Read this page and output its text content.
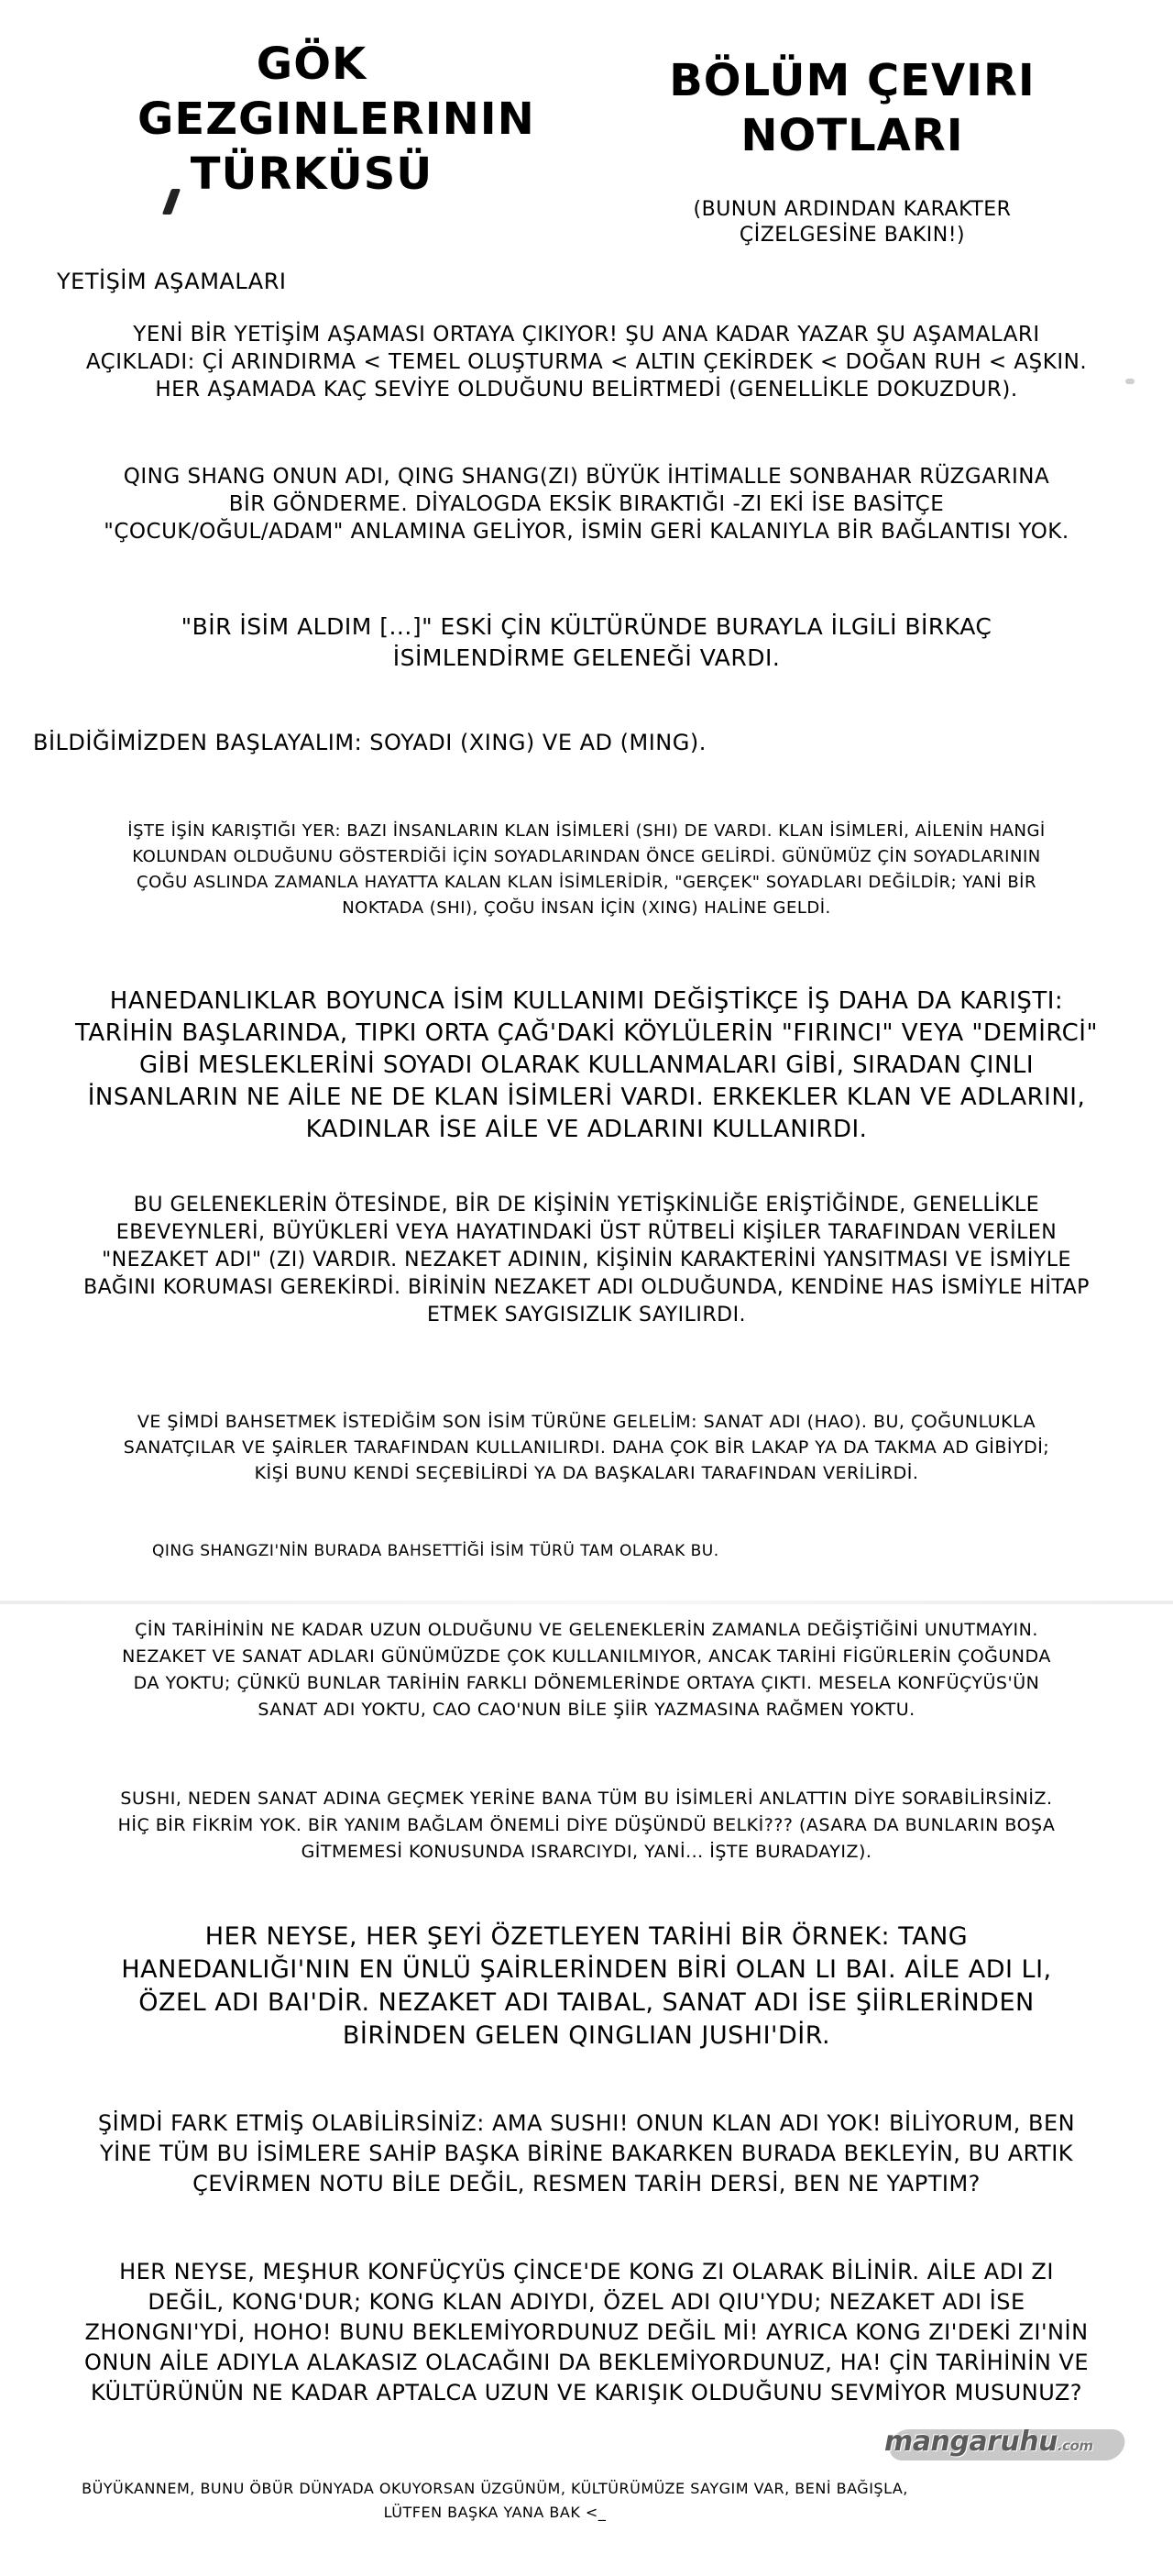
GÖK
GEZGINLERININ
TÜRKÜSÜ
BÖLÜM ÇEVIRI
NOTLARI
(BUNUN ARDINDAN KARAKTER
ÇİZELGESİNE BAKIN!)
YETİŞİM AŞAMALARI
YENİ BİR YETİŞİM AŞAMASI ORTAYA ÇIKIYOR! ŞU ANA KADAR YAZAR ŞU AŞAMALARI
AÇIKLADI: Çİ ARINDIRMA < TEMEL OLUŞTURMA < ALTIN ÇEKİRDEK < DOĞAN RUH < AŞKIN.
HER AŞAMADA KAÇ SEVİYE OLDUĞUNU BELİRTMEDİ (GENELLİKLE DOKUZDUR).
QING SHANG ONUN ADI, QING SHANG(ZI) BÜYÜK İHTİMALLE SONBAHAR RÜZGARINA
BİR GÖNDERME. DİYALOGDA EKSİK BIRAKTIĞI -ZI EKİ İSE BASİTÇE
"ÇOCUK/OĞUL/ADAM" ANLAMINA GELİYOR, İSMİN GERİ KALANIYLA BİR BAĞLANTISI YOK.
"BİR İSİM ALDIM [...]" ESKİ ÇİN KÜLTÜRÜNDE BURAYLA İLGİLİ BİRKAÇ
İSİMLENDİRME GELENEĞİ VARDI.
BİLDİĞİMİZDEN BAŞLAYALIM: SOYADI (XING) VE AD (MING).
İŞTE İŞİN KARIŞTIĞI YER: BAZI İNSANLARIN KLAN İSİMLERİ (SHI) DE VARDI. KLAN İSİMLERİ, AİLENİN HANGİ
KOLUNDAN OLDUĞUNU GÖSTERDİĞİ İÇİN SOYADLARINDAN ÖNCE GELİRDİ. GÜNÜMÜZ ÇİN SOYADLARININ
ÇOĞU ASLINDA ZAMANLA HAYATTA KALAN KLAN İSİMLERİDİR, "GERÇEK" SOYADLARI DEĞİLDİR; YANİ BİR
NOKTADA (SHI), ÇOĞU İNSAN İÇİN (XING) HALİNE GELDİ.
HANEDANLIKLAR BOYUNCA İSİM KULLANIMI DEĞİŞTİKÇE İŞ DAHA DA KARIŞTI:
TARİHİN BAŞLARINDA, TIPKI ORTA ÇAĞ'DAKİ KÖYLÜLERİN "FIRINCI" VEYA "DEMİRCİ"
GİBİ MESLEKLERİNİ SOYADI OLARAK KULLANMALARI GİBİ, SIRADAN ÇINLI
İNSANLARIN NE AİLE NE DE KLAN İSİMLERİ VARDI. ERKEKLER KLAN VE ADLARINI,
KADINLAR İSE AİLE VE ADLARINI KULLANIRDI.
BU GELENEKLERİN ÖTESİNDE, BİR DE KİŞİNİN YETİŞKİNLİĞE ERİŞTİĞİNDE, GENELLİKLE
EBEVEYNLERİ, BÜYÜKLERİ VEYA HAYATINDAKİ ÜST RÜTBELİ KİŞİLER TARAFINDAN VERİLEN
"NEZAKET ADI" (ZI) VARDIR. NEZAKET ADININ, KİŞİNİN KARAKTERİNİ YANSITMASI VE İSMİYLE
BAĞINI KORUMASI GEREKİRDİ. BİRİNİN NEZAKET ADI OLDUĞUNDA, KENDİNE HAS İSMİYLE HİTAP
ETMEK SAYGISIZLIK SAYILIRDI.
VE ŞİMDİ BAHSETMEK İSTEDİĞİM SON İSİM TÜRÜNE GELELİM: SANAT ADI (HAO). BU, ÇOĞUNLUKLA
SANATÇILAR VE ŞAİRLER TARAFINDAN KULLANILIRDI. DAHA ÇOK BİR LAKAP YA DA TAKMA AD GİBİYDİ;
KİŞİ BUNU KENDİ SEÇEBİLİRDİ YA DA BAŞKALARI TARAFINDAN VERİLİRDİ.
QING SHANGZI'NİN BURADA BAHSETTİĞİ İSİM TÜRÜ TAM OLARAK BU.
ÇİN TARİHİNİN NE KADAR UZUN OLDUĞUNU VE GELENEKLERİN ZAMANLA DEĞİŞTİĞİNİ UNUTMAYIN.
NEZAKET VE SANAT ADLARI GÜNÜMÜZDE ÇOK KULLANILMIYOR, ANCAK TARİHİ FİGÜRLERİN ÇOĞUNDA
DA YOKTU; ÇÜNKÜ BUNLAR TARİHİN FARKLI DÖNEMLERİNDE ORTAYA ÇIKTI. MESELA KONFÜÇYÜS'ÜN
SANAT ADI YOKTU, CAO CAO'NUN BİLE ŞİİR YAZMASINA RAĞMEN YOKTU.
SUSHI, NEDEN SANAT ADINA GEÇMEK YERİNE BANA TÜM BU İSİMLERİ ANLATTIN DİYE SORABİLİRSİNİZ.
HİÇ BİR FİKRİM YOK. BİR YANIM BAĞLAM ÖNEMLİ DİYE DÜŞÜNDÜ BELKİ??? (ASARA DA BUNLARIN BOŞA
GİTMEMESİ KONUSUNDA ISRARCIYDI, YANİ... İŞTE BURADAYIZ).
HER NEYSE, HER ŞEYİ ÖZETLEYEN TARİHİ BİR ÖRNEK: TANG
HANEDANLIĞI'NIN EN ÜNLÜ ŞAİRLERİNDEN BİRİ OLAN LI BAI. AİLE ADI LI,
ÖZEL ADI BAI'DİR. NEZAKET ADI TAIBAL, SANAT ADI İSE ŞİİRLERİNDEN
BİRİNDEN GELEN QINGLIAN JUSHI'DİR.
ŞİMDİ FARK ETMİŞ OLABİLİRSİNİZ: AMA SUSHI! ONUN KLAN ADI YOK! BİLİYORUM, BEN
YİNE TÜM BU İSİMLERE SAHİP BAŞKA BİRİNE BAKARKEN BURADA BEKLEYİN, BU ARTIK
ÇEVİRMEN NOTU BİLE DEĞİL, RESMEN TARİH DERSİ, BEN NE YAPTIM?
HER NEYSE, MEŞHUR KONFÜÇYÜS ÇİNCE'DE KONG ZI OLARAK BİLİNİR. AİLE ADI ZI
DEĞİL, KONG'DUR; KONG KLAN ADIYDI, ÖZEL ADI QIU'YDU; NEZAKET ADI İSE
ZHONGNI'YDİ, HOHO! BUNU BEKLEMİYORDUNUZ DEĞİL Mİ! AYRICA KONG ZI'DEKİ ZI'NİN
ONUN AİLE ADIYLA ALAKASIZ OLACAĞINI DA BEKLEMİYORDUNUZ, HA! ÇİN TARİHİNİN VE
KÜLTÜRÜNÜN NE KADAR APTALCA UZUN VE KARIŞIK OLDUĞUNU SEVMİYOR MUSUNUZ?
BÜYÜKANNEM, BUNU ÖBÜR DÜNYADA OKUYORSAN ÜZGÜNÜM, KÜLTÜRÜMÜZE SAYGIM VAR, BENİ BAĞIŞLA,
LÜTFEN BAŞKA YANA BAK <_
mangaruhu.com
